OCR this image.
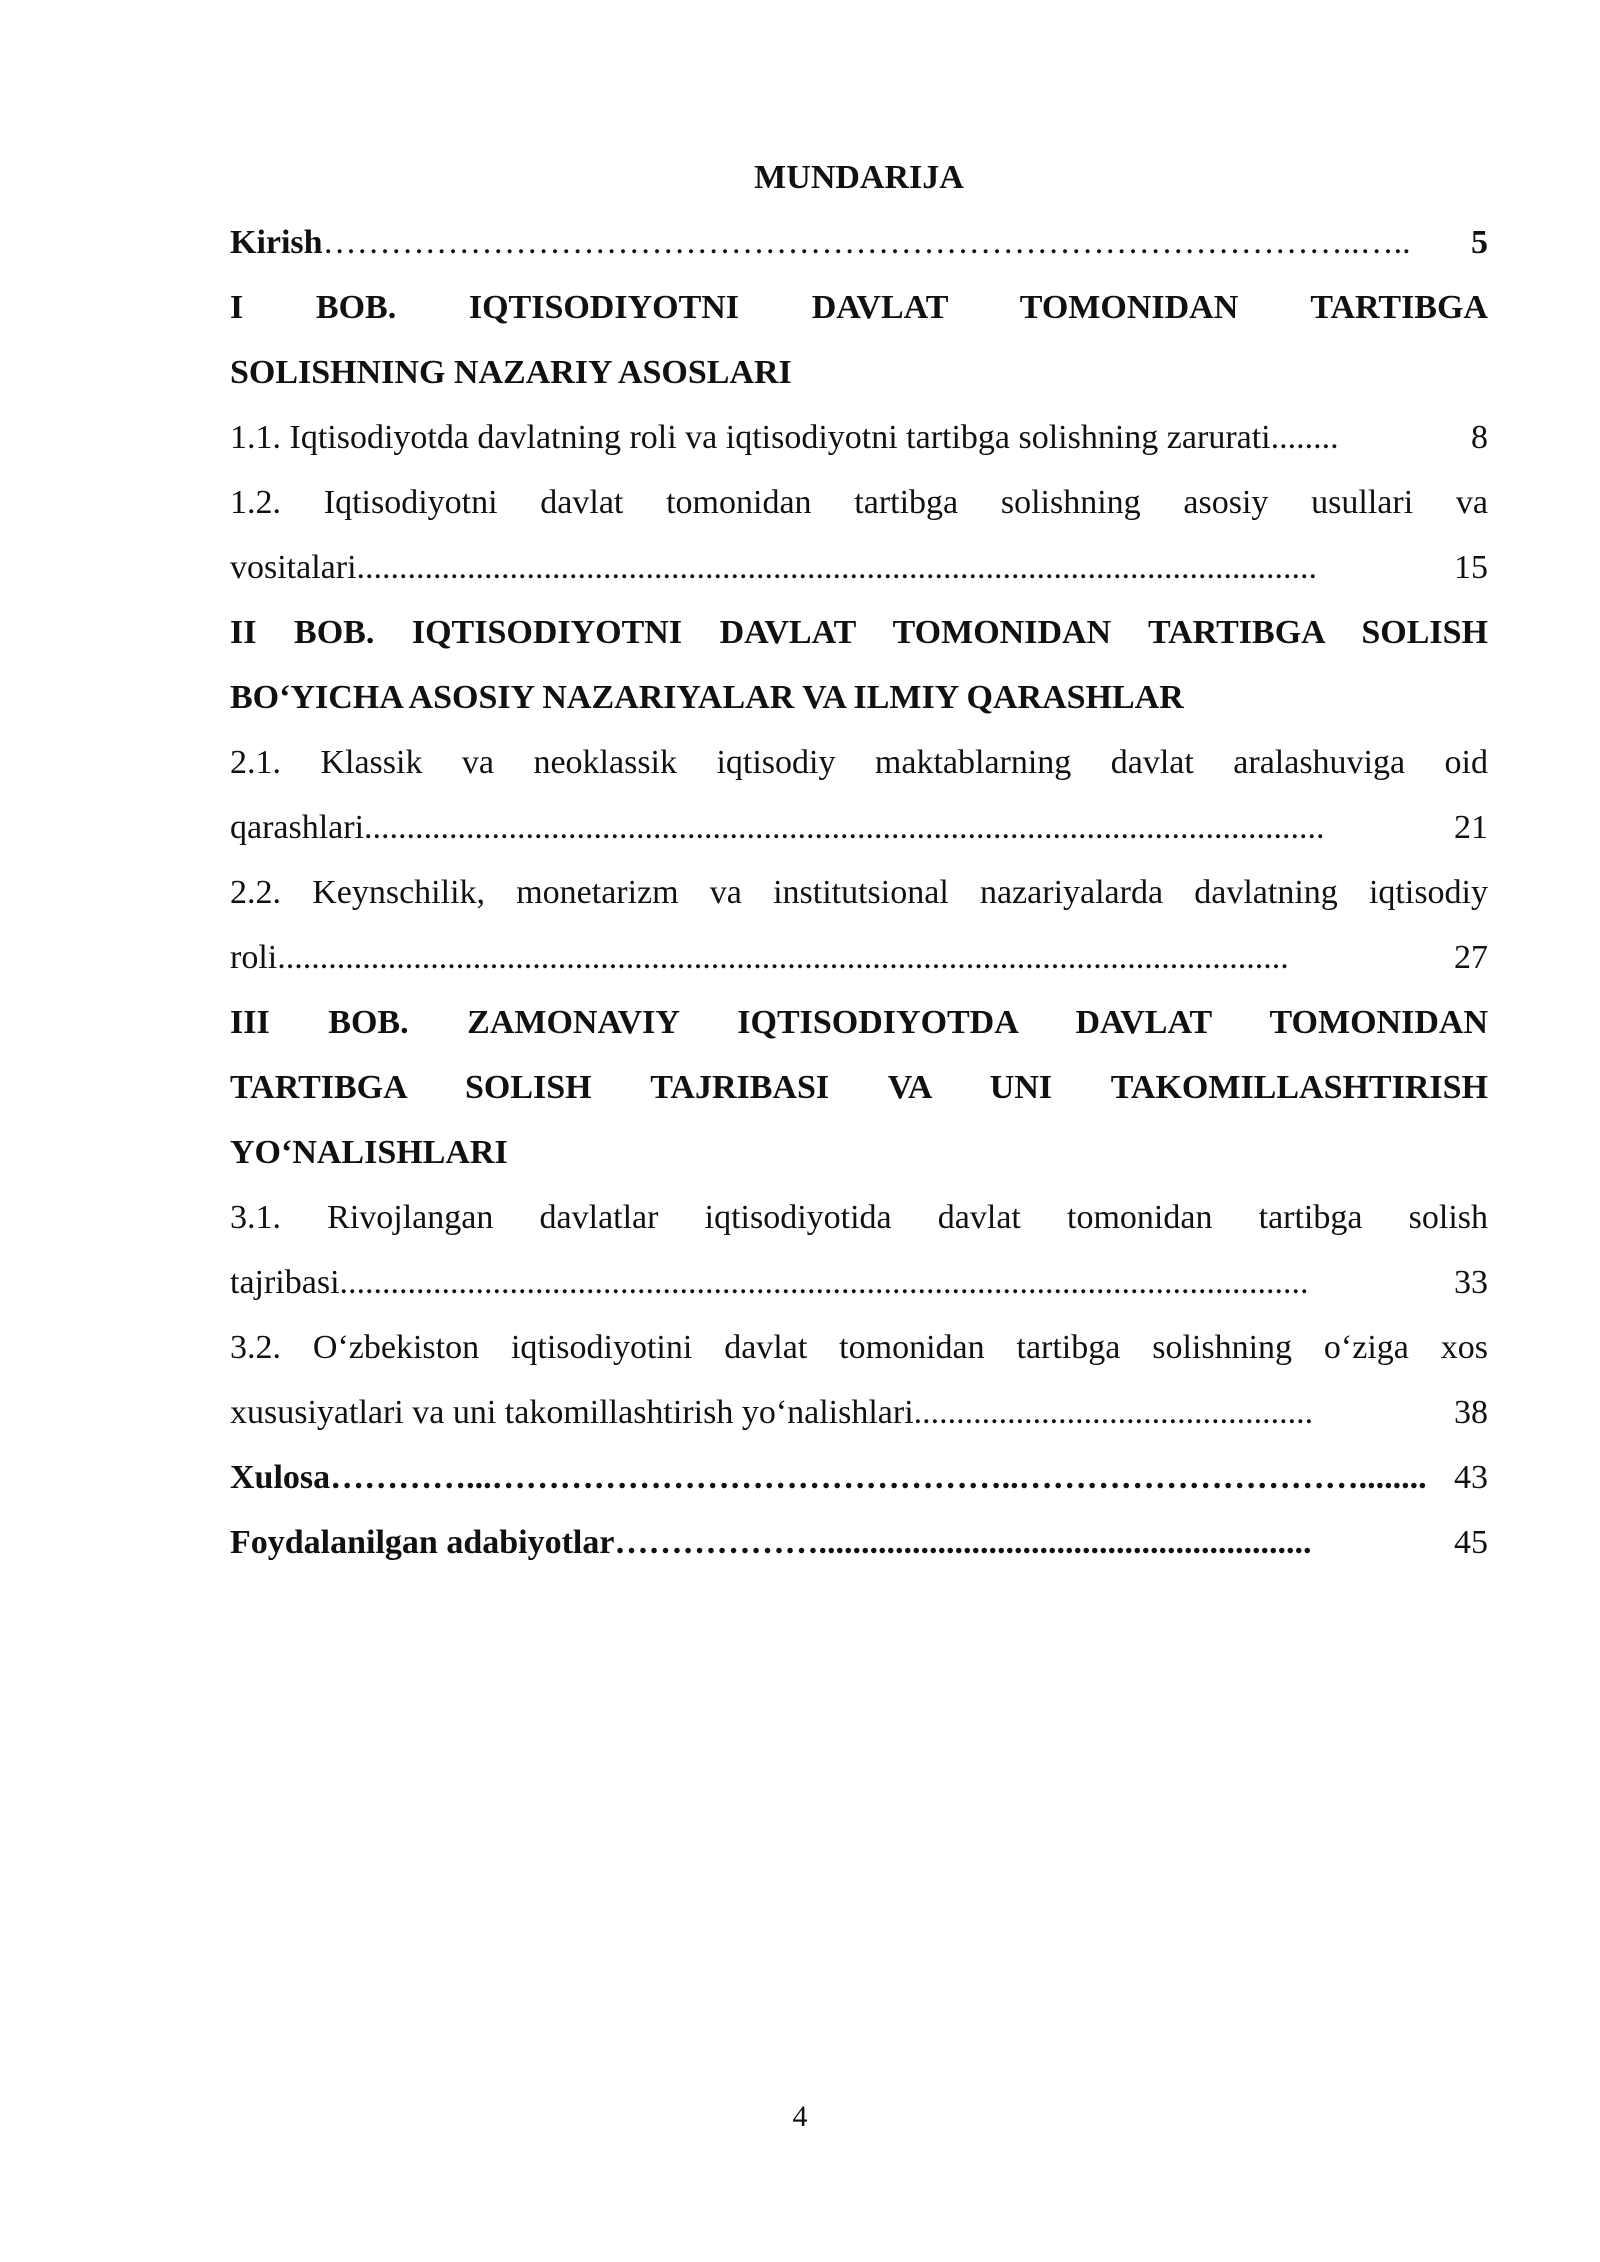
MUNDARIJA
Kirish ………………………………………………………………………………..…..	5
I BOB. IQTISODIYOTNI DAVLAT TOMONIDAN TARTIBGA
SOLISHNING NAZARIY ASOSLARI
1.1. Iqtisodiyotda davlatning roli va iqtisodiyotni tartibga solishning zarurati ........	8
1.2. Iqtisodiyotni davlat tomonidan tartibga solishning asosiy usullari va
vositalari .................................................................................................................	15
II BOB. IQTISODIYOTNI DAVLAT TOMONIDAN TARTIBGA SOLISH
BO‘YICHA ASOSIY NAZARIYALAR VA ILMIY QARASHLAR
2.1. Klassik va neoklassik iqtisodiy maktablarning davlat aralashuviga oid
qarashlari .................................................................................................................	21
2.2. Keynschilik, monetarizm va institutsional nazariyalarda davlatning iqtisodiy
roli .......................................................................................................................	27
III BOB. ZAMONAVIY IQTISODIYOTDA DAVLAT TOMONIDAN
TARTIBGA SOLISH TAJRIBASI VA UNI TAKOMILLASHTIRISH
YO‘NALISHLARI
3.1. Rivojlangan davlatlar iqtisodiyotida davlat tomonidan tartibga solish
tajribasi ..................................................................................................................	33
3.2. O‘zbekiston iqtisodiyotini davlat tomonidan tartibga solishning o‘ziga xos
xususiyatlari va uni takomillashtirish yo‘nalishlari ...............................................	38
Xulosa …………...………………………………………..…………………………........ 43
Foydalanilgan adabiyotlar ………………..........................................................	45
4
